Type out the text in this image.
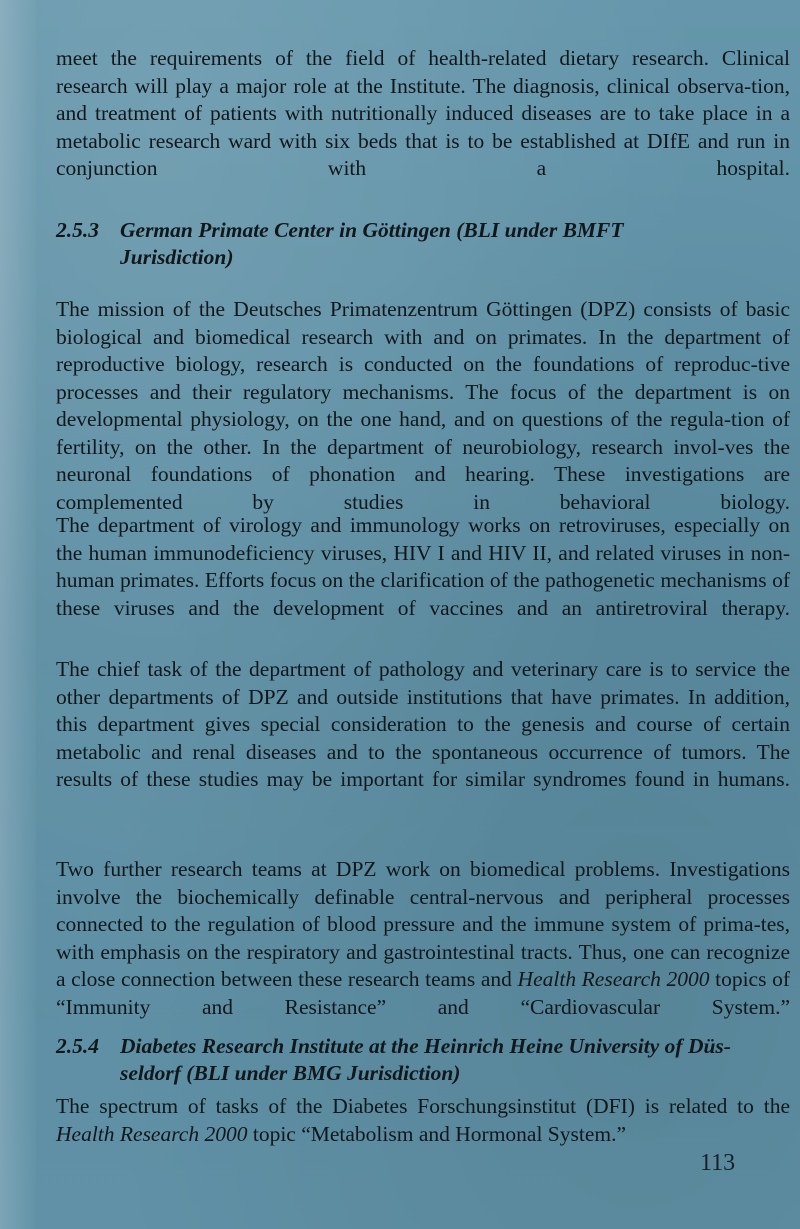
meet the requirements of the field of health-related dietary research. Clinical research will play a major role at the Institute. The diagnosis, clinical observa-tion, and treatment of patients with nutritionally induced diseases are to take place in a metabolic research ward with six beds that is to be established at DIfE and run in conjunction with a hospital.

2.5.3 German Primate Center in Göttingen (BLI under BMFT
Jurisdiction)

The mission of the Deutsches Primatenzentrum Göttingen (DPZ) consists of basic biological and biomedical research with and on primates. In the department of reproductive biology, research is conducted on the foundations of reproduc-tive processes and their regulatory mechanisms. The focus of the department is on developmental physiology, on the one hand, and on questions of the regula-tion of fertility, on the other. In the department of neurobiology, research invol-ves the neuronal foundations of phonation and hearing. These investigations are complemented by studies in behavioral biology.

The department of virology and immunology works on retroviruses, especially on the human immunodeficiency viruses, HIV I and HIV II, and related viruses in non-human primates. Efforts focus on the clarification of the pathogenetic mechanisms of these viruses and the development of vaccines and an antiretroviral therapy.

The chief task of the department of pathology and veterinary care is to service the other departments of DPZ and outside institutions that have primates. In addition, this department gives special consideration to the genesis and course of certain metabolic and renal diseases and to the spontaneous occurrence of tumors. The results of these studies may be important for similar syndromes found in humans.

Two further research teams at DPZ work on biomedical problems. Investigations involve the biochemically definable central-nervous and peripheral processes connected to the regulation of blood pressure and the immune system of prima-tes, with emphasis on the respiratory and gastrointestinal tracts. Thus, one can recognize a close connection between these research teams and Health Research 2000 topics of “Immunity and Resistance” and “Cardiovascular System.”

2.5.4 Diabetes Research Institute at the Heinrich Heine University of Düs-
seldorf (BLI under BMG Jurisdiction)

The spectrum of tasks of the Diabetes Forschungsinstitut (DFI) is related to the Health Research 2000 topic “Metabolism and Hormonal System.”

113
